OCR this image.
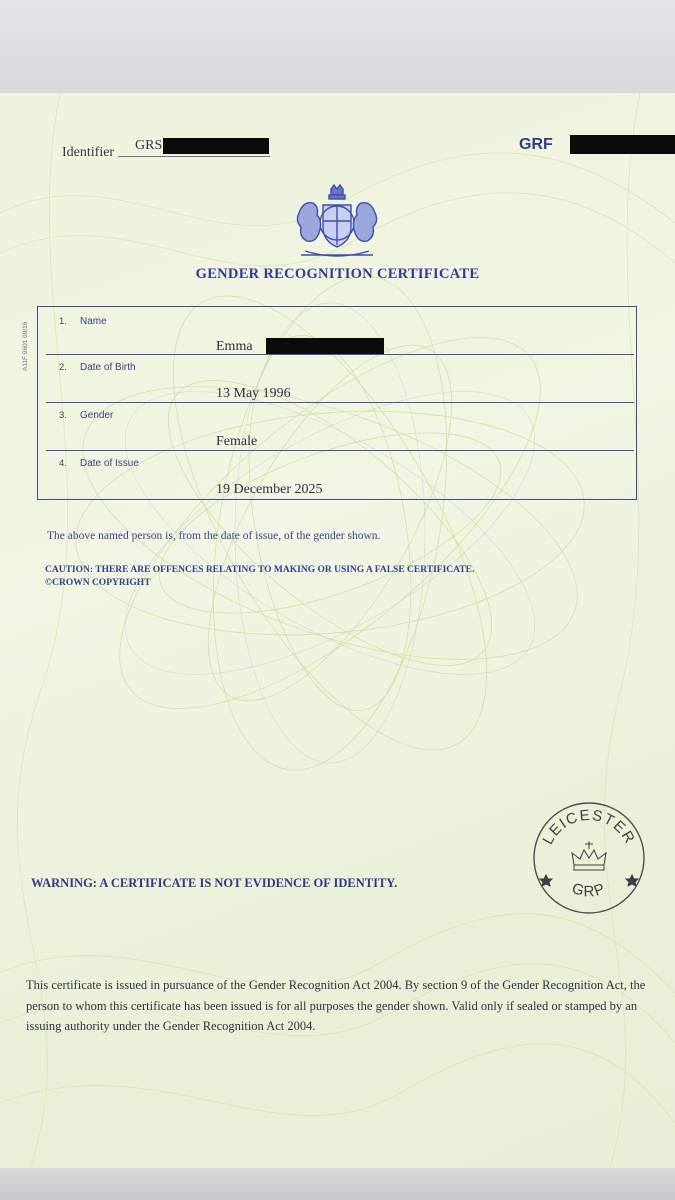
Identifier GRS	GRF
GENDER RECOGNITION CERTIFICATE
A11F 9601 09/16
1. Name
Emma
2. Date of Birth
13 May 1996
3. Gender
Female
4. Date of Issue
19 December 2025
The above named person is, from the date of issue, of the gender shown.
CAUTION: THERE ARE OFFENCES RELATING TO MAKING OR USING A FALSE CERTIFICATE.
©CROWN COPYRIGHT
WARNING: A CERTIFICATE IS NOT EVIDENCE OF IDENTITY.
LEICESTER
GRP
This certificate is issued in pursuance of the Gender Recognition Act 2004. By section 9 of the Gender Recognition Act, the person to whom this certificate has been issued is for all purposes the gender shown. Valid only if sealed or stamped by an issuing authority under the Gender Recognition Act 2004.
